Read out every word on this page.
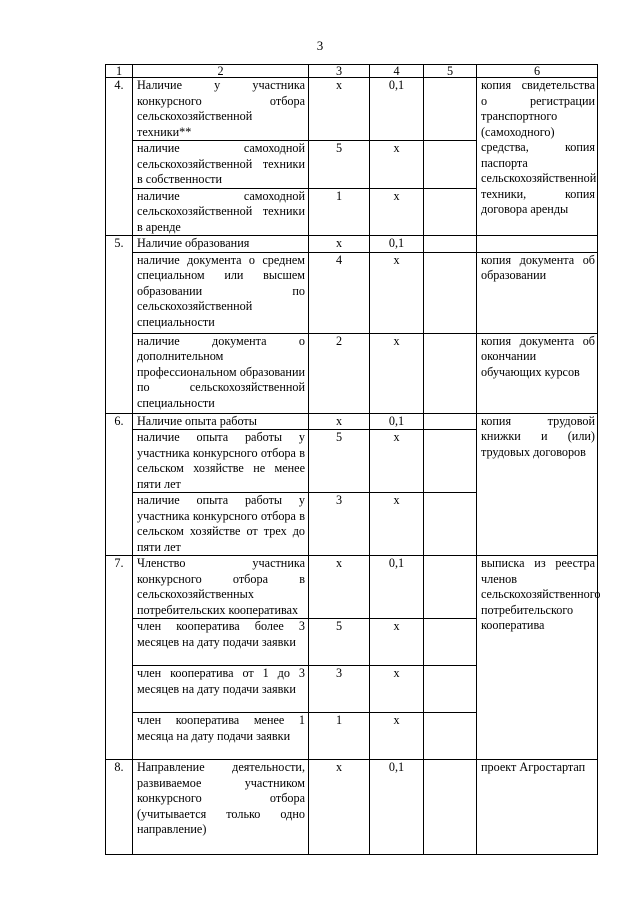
3
1	2	3	4	5	6
4.	Наличие у участника конкурсного отбора сельскохозяйственной техники**	х	0,1		копия свидетельства о регистрации транспортного (самоходного) средства, копия паспорта сельскохозяйственной техники, копия договора аренды
	наличие самоходной сельскохозяйственной техники в собственности	5	х		
	наличие самоходной сельскохозяйственной техники в аренде	1	х		
5.	Наличие образования	х	0,1		
	наличие документа о среднем специальном или высшем образовании по сельскохозяйственной специальности	4	х		копия документа об образовании
	наличие документа о дополнительном профессиональном образовании по сельскохозяйственной специальности	2	х		копия документа об окончании обучающих курсов
6.	Наличие опыта работы	х	0,1		копия трудовой книжки и (или) трудовых договоров
	наличие опыта работы у участника конкурсного отбора в сельском хозяйстве не менее пяти лет	5	х		
	наличие опыта работы у участника конкурсного отбора в сельском хозяйстве от трех до пяти лет	3	х		
7.	Членство участника конкурсного отбора в сельскохозяйственных потребительских кооперативах	х	0,1		выписка из реестра членов сельскохозяйственного потребительского кооператива
	член кооператива более 3 месяцев на дату подачи заявки	5	х		
	член кооператива от 1 до 3 месяцев на дату подачи заявки	3	х		
	член кооператива менее 1 месяца на дату подачи заявки	1	х		
8.	Направление деятельности, развиваемое участником конкурсного отбора (учитывается только одно направление)	х	0,1		проект Агростартап
